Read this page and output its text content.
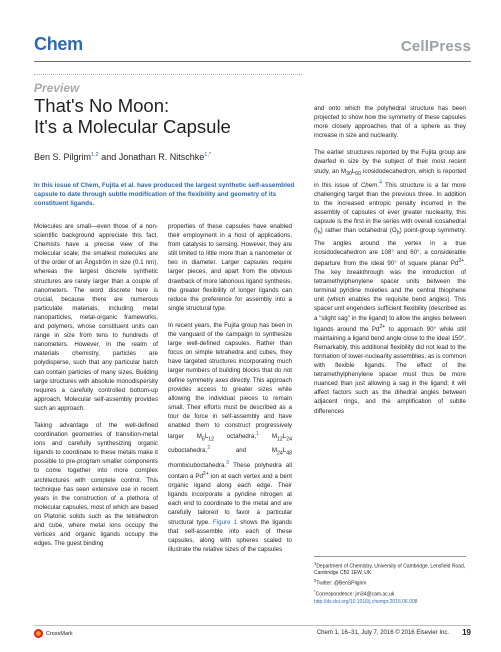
Chem	CellPress
Preview
That's No Moon:
It's a Molecular Capsule
Ben S. Pilgrim$^{1,2}$ and Jonathan R. Nitschke$^{1,*}$
In this issue of Chem, Fujita et al. have produced the largest synthetic self-assembled capsule to date through subtle modification of the flexibility and geometry of its constituent ligands.

Molecules are small—even those of a non-scientific background appreciate this fact. Chemists have a precise view of the molecular scale; the smallest molecules are of the order of an Ångström in size (0.1 nm), whereas the largest discrete synthetic structures are rarely larger than a couple of nanometers. The word discrete here is crucial, because there are numerous particulate materials, including metal nanoparticles, metal-organic frameworks, and polymers, whose constituent units can range in size from tens to hundreds of nanometers. However, in the realm of materials chemistry, particles are polydisperse, such that any particular batch can contain particles of many sizes. Building large structures with absolute monodispersity requires a carefully controlled bottom-up approach. Molecular self-assembly provides such an approach.

Taking advantage of the well-defined coordination geometries of transition-metal ions and carefully synthesizing organic ligands to coordinate to these metals make it possible to pre-program smaller components to come together into more complex architectures with complete control. This technique has seen extensive use in recent years in the construction of a plethora of molecular capsules, most of which are based on Platonic solids such as the tetrahedron and cube, where metal ions occupy the vertices and organic ligands occupy the edges. The guest binding

properties of these capsules have enabled their employment in a host of applications, from catalysis to sensing. However, they are still limited to little more than a nanometer or two in diameter. Larger capsules require larger pieces, and apart from the obvious drawback of more laborious ligand synthesis, the greater flexibility of longer ligands can reduce the preference for assembly into a single structural type.

In recent years, the Fujita group has been in the vanguard of the campaign to synthesize large well-defined capsules. Rather than focus on simple tetrahedra and cubes, they have targeted structures incorporating much larger numbers of building blocks that do not define symmetry axes directly. This approach provides access to greater sizes while allowing the individual pieces to remain small. Their efforts must be described as a tour de force in self-assembly and have enabled them to construct progressively larger $M_6L_{12}$ octahedra,$^1$ $M_{12}L_{24}$ cuboctahedra,$^2$ and $M_{24}L_{48}$ rhombicuboctahedra.$^3$ These polyhedra all contain a $Pd^{2+}$ ion at each vertex and a bent organic ligand along each edge. Their ligands incorporate a pyridine nitrogen at each end to coordinate to the metal and are carefully tailored to favor a particular structural type. Figure 1 shows the ligands that self-assemble into each of these capsules, along with spheres scaled to illustrate the relative sizes of the capsules

and onto which the polyhedral structure has been projected to show how the symmetry of these capsules more closely approaches that of a sphere as they increase in size and nuclearity.

The earlier structures reported by the Fujita group are dwarfed in size by the subject of their most recent study, an $M_{30}L_{60}$ icosidodecahedron, which is reported in this issue of Chem.$^4$ This structure is a far more challenging target than the previous three. In addition to the increased entropic penalty incurred in the assembly of capsules of ever greater nuclearity, this capsule is the first in the series with overall icosahedral $(I_h)$ rather than octahedral $(O_h)$ point-group symmetry. The angles around the vertex in a true icosidodecahedron are 108° and 60°, a considerable departure from the ideal 90° of square planar $Pd^{2+}$. The key breakthrough was the introduction of tetramethylphenylene spacer units between the terminal pyridine moieties and the central thiophene unit (which enables the requisite bend angles). This spacer unit engenders sufficient flexibility (described as a "slight sag" in the ligand) to allow the angles between ligands around the $Pd^{2+}$ to approach 90° while still maintaining a ligand bend angle close to the ideal 150°. Remarkably, this additional flexibility did not lead to the formation of lower-nuclearity assemblies, as is common with flexible ligands. The effect of the tetramethylphenylene spacer must thus be more nuanced than just allowing a sag in the ligand; it will affect factors such as the dihedral angles between adjacent rings, and the amplification of subtle differences

$^1$Department of Chemistry, University of Cambridge, Lensfield Road, Cambridge CB2 1EW, UK

$^2$Twitter: @BenSPilgrim

*Correspondence: jrn34@cam.ac.uk

http://dx.doi.org/10.1016/j.chempr.2016.06.008

CrossMark	Chem 1, 16–31, July 7, 2016 © 2016 Elsevier Inc. 19
